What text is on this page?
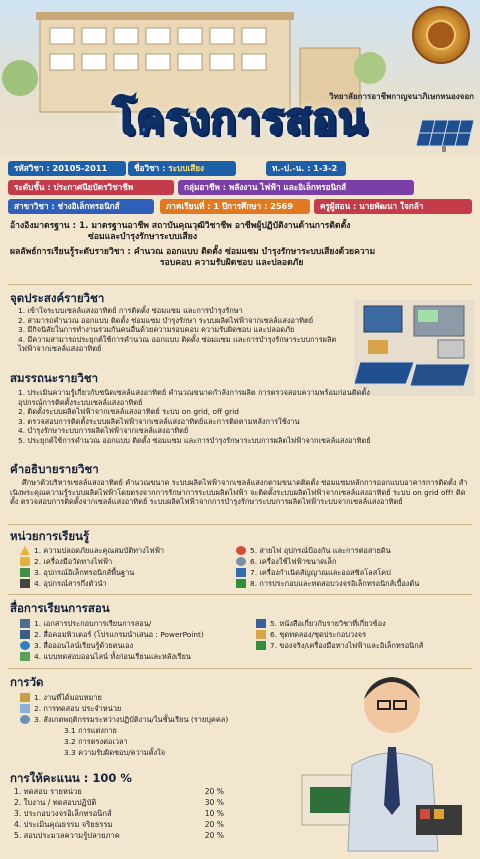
วิทยาลัยการอาชีพกาญจนาภิเษกหนองจอก
โครงการสอน
รหัสวิชา : 20105-2011	ชื่อวิชา : ระบบเสียง	ท.-ป.-น. : 1-3-2
ระดับชั้น : ประกาศนียบัตรวิชาชีพ	กลุ่มอาชีพ : พลังงาน ไฟฟ้า และอิเล็กทรอนิกส์
สาขาวิชา : ช่างอิเล็กทรอนิกส์	ภาคเรียนที่ : 1 ปีการศึกษา : 2569	ครูผู้สอน : นายพัฒนา ใจกล้า
อ้างอิงมาตรฐาน : 1. มาตรฐานอาชีพ สถาบันคุณวุฒิวิชาชีพ อาชีพผู้ปฏิบัติงานด้านการติดตั้ง
ซ่อมและบำรุงรักษาระบบเสียง
ผลลัพธ์การเรียนรู้ระดับรายวิชา : คำนวณ ออกแบบ ติดตั้ง ซ่อมแซม บำรุงรักษาระบบเสียงด้วยความ
รอบคอบ ความรับผิดชอบ และปลอดภัย
จุดประสงค์รายวิชา
1. เข้าใจระบบเซลล์แสงอาทิตย์ การติดตั้ง ซ่อมแซม และการบำรุงรักษา
2. สามารถคำนวณ ออกแบบ ติดตั้ง ซ่อมแซม บำรุงรักษา ระบบผลิตไฟฟ้าจากเซลล์แสงอาทิตย์
3. มีกิจนิสัยในการทำงานร่วมกันคนอื่นด้วยความรอบคอบ ความรับผิดชอบ และปลอดภัย
4. มีความสามารถประยุกต์ใช้การคำนวณ ออกแบบ ติดตั้ง ซ่อมแซม และการบำรุงรักษาระบบการผลิต
ไฟฟ้าจากเซลล์แสงอาทิตย์
สมรรถนะรายวิชา
1. ประเมินความรู้เกี่ยวกับชนิดเซลล์แสงอาทิตย์ คำนวณขนาดกำลังการผลิต การตรวจสอบความพร้อมก่อนติดตั้ง
อุปกรณ์การติดตั้งระบบเซลล์แสงอาทิตย์
2. ติดตั้งระบบผลิตไฟฟ้าจากเซลล์แสงอาทิตย์ ระบบ on grid, off grid
3. ตรวจสอบการติดตั้งระบบผลิตไฟฟ้าจากเซลล์แสงอาทิตย์และการติดตามหลังการใช้งาน
4. บำรุงรักษาระบบการผลิตไฟฟ้าจากเซลล์แสงอาทิตย์
5. ประยุกต์ใช้การคำนวณ ออกแบบ ติดตั้ง ซ่อมแซม และการบำรุงรักษาระบบการผลิตไฟฟ้าจากเซลล์แสงอาทิตย์
คำอธิบายรายวิชา
ศึกษาตัวบริหารเซลล์แสงอาทิตย์ คำนวณขนาด ระบบผลิตไฟฟ้าจากเซลล์แสงกตามขนาดติดตั้ง ซ่อมแซมหลักการออกแบบอาคารการติดตั้ง สำเนิงพระคุณความรู้ระบบผลิตไฟฟ้าโดยตรงจากการรักษาการระบบผลิตไฟฟ้า จะติดตั้งระบบผลิตไฟฟ้าจากเซลล์แสงอาทิตย์ ระบบ on grid off! ติดตั้ง ตรวจสอบการติดตั้งจากเซลล์แสงอาทิตย์ ระบบผลิตไฟฟ้าจากการบำรุงรักษาระบบการผลิตไฟฟ้าระบบจากเซลล์แสงอาทิตย์
หน่วยการเรียนรู้
1. ความปลอดภัยและคุณสมบัติทางไฟฟ้า
2. เครื่องมือวัดทางไฟฟ้า
3. อุปกรณ์อิเล็กทรอนิกส์พื้นฐาน
4. อุปกรณ์สารกึ่งตัวนำ
5. สายไฟ อุปกรณ์ป้องกัน และการต่อสายดิน
6. เครื่องใช้ไฟฟ้าขนาดเล็ก
7. เครื่องกำเนิดสัญญาณและออสซิลโลสโคป
8. การประกอบและทดสอบวงจรอิเล็กทรอนิกส์เบื้องต้น
สื่อการเรียนการสอน
1. เอกสารประกอบการเรียนการสอน/
2. สื่อคอมพิวเตอร์ (โปรแกรมนำเสนอ : PowerPoint)
3. สื่อออนไลน์เรียนรู้ด้วยตนเอง
4. แบบทดสอบออนไลน์ ทั้งก่อนเรียนและหลังเรียน
5. หนังสือเกี่ยวกับรายวิชาที่เกี่ยวข้อง
6. ชุดทดลอง/ชุดประกอบวงจร
7. ของจริง/เครื่องมือทางไฟฟ้าและอิเล็กทรอนิกส์
การวัด
1. งานที่ได้มอบหมาย
2. การทดสอบ ประจำหน่วย
3. สังเกตพฤติกรรมระหว่างปฏิบัติงาน/ในชั้นเรียน (รายบุคคล)
3.1 การแต่งกาย
3.2 การตรงต่อเวลา
3.3 ความรับผิดชอบ/ความตั้งใจ
การให้คะแนน : 100 %
1. ทดสอบ รายหน่วย	20 %
2. ใบงาน / ทดสอบปฏิบัติ	30 %
3. ประกอบวงจรอิเล็กทรอนิกส์	10 %
4. ประเมินคุณธรรม จริยธรรม	20 %
5. สอบประมวลความรู้ปลายภาค	20 %
